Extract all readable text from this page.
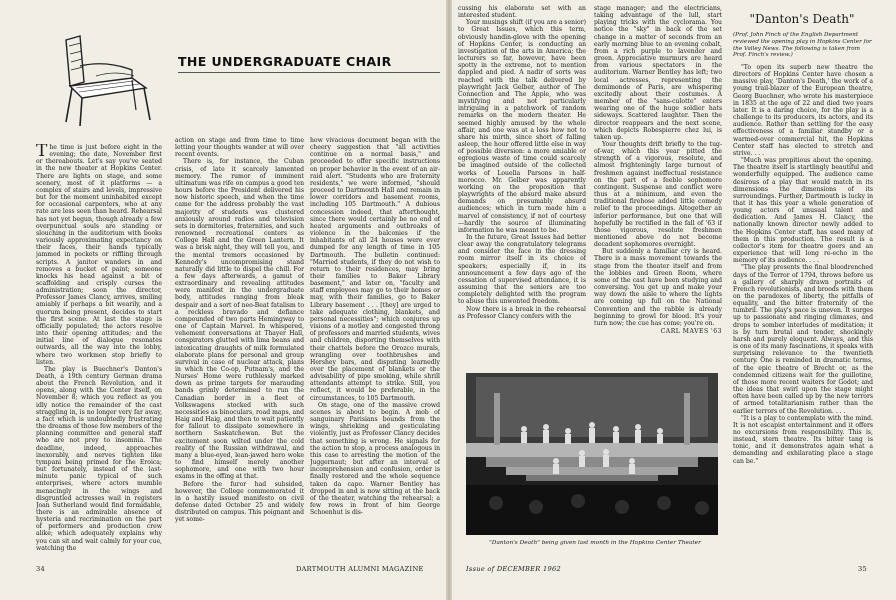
THE UNDERGRADUATE CHAIR

The time is just before eight in the evening; the date, November first or thereabouts. Let's say you've seated in the new theater at Hopkins Center. There are lights on stage, and some scenery, most of it platforms — a complex of stairs and levels, impressive but for the moment uninhabited except for occasional carpenters, who at any rate are less seen than heard. Rehearsal has not yet begun, though already a few overpunctual souls are standing or slouching in the auditorium with books variously approximating expectancy on their faces, their hands typically jammed in pockets or riffling through scripts. A janitor wanders in and removes a bucket of paint; someone knocks his head against a bit of scaffolding and crisply curses the administration; soon the director, Professor James Clancy, arrives, smiling amiably if perhaps a bit wearily, and a quorum being present, decides to start the first scene. At last the stage is officially populated; the actors resolve into their opening attitudes; and the initial line of dialogue resonates outwards, all the way into the lobby, where two workmen stop briefly to listen.

The play is Buechner's Danton's Death, a 19th century German drama about the French Revolution, and it opens, along with the Center itself, on November 8; which you reflect as you idly notice the remainder of the cast straggling in, is no longer very far away, a fact which is undoubtedly frustrating the dreams of those few members of the planning committee and general staff who are not prey to insomnia. The deadline, indeed, approaches inexorably, and nerves tighten like tympani being primed for the Eroica; but fortunately, instead of the last-minute panic typical of such enterprises, where actors mumble menacingly in the wings and disgruntled actresses wail in registers Joan Sutherland would find formidable, there is an admirable absence of hysteria and recrimination on the part of performers and production crew alike; which adequately explains why you can sit and wait calmly for your cue, watching the

action on stage and from time to time letting your thoughts wander at will over recent events.

There is, for instance, the Cuban crisis, of late it scarcely lamented memory. The rumor of imminent ultimatum was rife on campus a good ten hours before the President delivered his now historic speech, and when the time came for the address probably the vast majority of students was clustered anxiously around radios and television sets in dormitories, fraternities, and such renowned recreational centers as College Hall and the Green Lantern. It was a brisk night, they will tell you, and the mental tremors occasioned by Kennedy's uncompromising stand naturally did little to dispel the chill. For a few days afterwards, a gamut of extraordinary and revealing attitudes were manifest in the undergraduate body, attitudes ranging from bleak despair and a sort of neo-Beat fatalism to a reckless bravado and defiance compounded of two parts Hemingway to one of Captain Marvel. In whispered, vehement conversations at Thayer Hall, conspirators glutted with lima beans and intoxicating draughts of milk formulated elaborate plans for personal and group survival in case of nuclear attack, plans in which the Co-op, Putnam's, and the Nurses' Home were ruthlessly marked down as prime targets for marauding bands grimly determined to run the Canadian border in a fleet of Volkswagens stocked with such necessities as binoculars, road maps, and Haig and Haig, and then to wait patiently for fallout to dissipate somewhere in northern Saskatchewan. But the excitement soon wilted under the cold reality of the Russian withdrawal, and many a blue-eyed, lean-jawed hero woke to find himself merely another sophomore, and one with two hour exams in the offing at that.

Before the furor had subsided, however, the College commemorated it in a hastily issued manifesto on civil defense dated October 25 and widely distributed on campus. This poignant and yet some-

how vivacious document began with the cheery suggestion that "all activities continue on a normal basis," and proceeded to offer specific instructions on proper behavior in the event of an air-raid alert. "Students who are fraternity residents," we were informed, "should proceed to Dartmouth Hall and remain in lower corridors and basement rooms, including 105 Dartmouth." A dubious concession indeed, that afterthought, since there would certainly be no end of heated arguments and outbreaks of violence in the balconies if the inhabitants of all 24 houses were ever dumped for any length of time in 105 Dartmouth. The bulletin continued: "Married students, if they do not wish to return to their residences, may bring their families to Baker Library basement," and later on, "faculty and staff employees may go to their homes or may, with their families, go to Baker Library basement . . . [they] are urged to take adequate clothing, blankets, and personal necessities"; which conjures up visions of a motley and congested throng of professors and married students, wives and children, disporting themselves with their chattels before the Orozco murals, wrangling over toothbrushes and Hershey bars, and disputing learnedly over the placement of blankets or the advisability of pipe smoking, while shrill attendants attempt to strike. Still, you reflect, it would be preferable, in the circumstances, to 105 Dartmouth.

On stage, one of the massive crowd scenes is about to begin. A mob of sanguinary Parisians bounds from the wings, shrieking and gesticulating violently, just as Professor Clancy decides that something is wrong. He signals for the action to stop, a process analogous in this case to arresting the motion of the Juggernaut; but after an interval of incomprehension and confusion, order is finally restored and the whole sequence taken da capo. Warner Bentley has dropped in and is now sitting at the back of the theater, watching the rehearsal; a few rows in front of him George Schoenhut is dis-

34	DARTMOUTH ALUMNI MAGAZINE

cussing his elaborate set with an interested student.

Your musings shift (if you are a senior) to Great Issues, which this term, obviously handin-glove with the opening of Hopkins Center, is conducting an investigation of the arts in America; the lecturers so far, however, have been spotty in the extreme, not to mention dappled and pied. A nadir of sorts was reached with the talk delivered by playwright Jack Gelber, author of The Connection and The Apple, who was mystifying and not particularly intriguing in a patchwork of random remarks on the modern theater. He seemed highly amused by the whole affair, and one was at a loss how not to share his mirth, since short of falling asleep, the hour offered little else in way of possible diversion: a more amiable or egregious waste of time could scarcely be imagined outside of the collected works of Louella Parsons in half-morocco. Mr. Gelber was apparently working on the proposition that playwrights of the absurd make absurd demands on presumably absurd audiences; which in turn made him a marvel of consistency, if not of courtesy—hardly the source of illuminating information he was meant to be.

In the future, Great Issues had better clear away the congratulatory telegrams and consider the face in the dressing room mirror itself in its choice of speakers; especially if, in its announcement a few days ago of the cessation of supervised attendance, it is assuming that the seniors are too completely delighted with the program to abuse this unwonted freedom.

Now there is a break in the rehearsal as Professor Clancy confers with the

stage manager; and the electricians, taking advantage of the lull, start playing tricks with the cyclorama. You notice the "sky" in back of the set change in a matter of seconds from an early morning blue to an evening cobalt, from a rich purple to lavender and green. Appreciative murmurs are heard from various spectators in the auditorium. Warner Bentley has left; two local actresses, representing the demimonde of Paris, are whispering excitedly about their costumes. A member of the "sans-culotte" enters wearing one of the huge soldier hats sideways. Scattered laughter. Then the director reappears and the next scene, which depicts Robespierre chez lui, is taken up.

Your thoughts drift briefly to the tug-of-war, which this year pitted the strength of a vigorous, resolute, and almost frighteningly large turnout of freshmen against ineffectual resistance on the part of a feeble sophomore contingent. Suspense and conflict were thus at a minimum, and even the traditional firehose added little comedy relief to the proceedings. Altogether an inferior performance, but one that will hopefully be rectified in the fall of '63 if those vigorous, resolute freshmen mentioned above do not become decadent sophomores overnight.

But suddenly a familiar cry is heard. There is a mass movement towards the stage from the theater itself and from the lobbies and Green Room, where some of the cast have been studying and conversing. You get up and make your way down the aisle to where the lights are coming up full on the National Convention and the rabble is already beginning to growl for blood. It's your turn now; the cue has come; you're on.

CARL MAVES '63
"Danton's Death"
(Prof. John Finch of the English Department reviewed the opening play in Hopkins Center for the Valley News. The following is taken from Prof. Finch's review.)

"To open its superb new theatre the directors of Hopkins Center have chosen a massive play, 'Danton's Death,' the work of a young trail-blazer of the European theatre, Georg Buechner, who wrote his masterpiece in 1835 at the age of 22 and died two years later. It is a daring choice, for the play is a challenge to its producers, its actors, and its audience. Rather than settling for the easy effectiveness of a familiar standby or a warmed-over commercial hit, the Hopkins Center staff has elected to stretch and strive. . . .

"Much was propitious about the opening. The theatre itself is startlingly beautiful and wonderfully equipped. The audience came desirous of a play that would match in its dimensions the dimensions of its surroundings. Further, Dartmouth is lucky in that it has this year a whole generation of young actors of unusual talent and dedication. And James H. Clancy, the nationally known director newly added to the Hopkins Center staff, has used many of them in this production. The result is a collector's item for theatre goers and an experience that will long re-echo in the memory of its audience. . . .

"The play presents the final bloodrenched days of the Terror of 1794, throws before us a gallery of sharply drawn portraits of French revolutionists, and broods with them on the paradoxes of liberty, the pitfalls of equality, and the bitter fraternity of the tumbril. The play's pace is uneven. It surges up to passionate and ringing climaxes, and drops to somber interludes of meditation; it is by turn brutal and tender, shockingly harsh and purely eloquent. Always, and this is one of its many fascinations, it speaks with surprising relevance to the twentieth century. One is reminded in dramatic terms, of the epic theatre of Brecht or, as the condemned citizens wait for the guillotine, of those more recent waiters for Godot; and the ideas that swirl upon the stage might often have been called up by the new terrors of armed totalitarianism rather than the earlier terrors of the Revolution. . . .

"It is a play to contemplate with the mind. It is not escapist entertainment and it offers no excursions from responsibility. This is, instead, stern theatre. Its bitter tang is tonic, and it demonstrates again what a demanding and exhilarating place a stage can be."

"Danton's Death" being given last month in the Hopkins Center Theater
Issue of DECEMBER 1962	35
